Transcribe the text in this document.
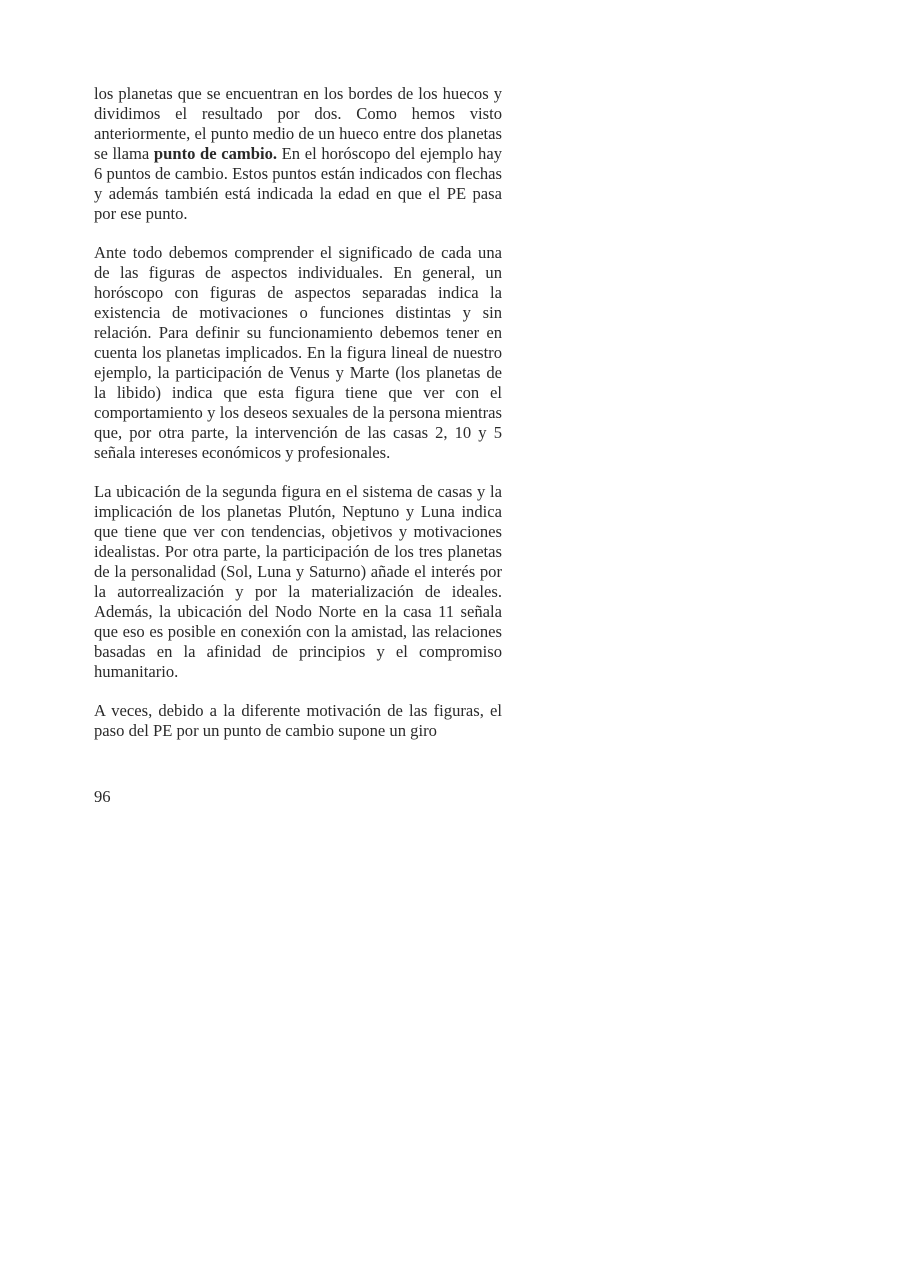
los planetas que se encuentran en los bordes de los huecos y dividimos el resultado por dos. Como hemos visto anteriormente, el punto medio de un hueco entre dos planetas se llama punto de cambio. En el horóscopo del ejemplo hay 6 puntos de cambio. Estos puntos están indicados con flechas y además también está indicada la edad en que el PE pasa por ese punto.

Ante todo debemos comprender el significado de cada una de las figuras de aspectos individuales. En general, un horóscopo con figuras de aspectos separadas indica la existencia de motivaciones o funciones distintas y sin relación. Para definir su funcionamiento debemos tener en cuenta los planetas implicados. En la figura lineal de nuestro ejemplo, la participación de Venus y Marte (los planetas de la libido) indica que esta figura tiene que ver con el comportamiento y los deseos sexuales de la persona mientras que, por otra parte, la intervención de las casas 2, 10 y 5 señala intereses económicos y profesionales.

La ubicación de la segunda figura en el sistema de casas y la implicación de los planetas Plutón, Neptuno y Luna indica que tiene que ver con tendencias, objetivos y motivaciones idealistas. Por otra parte, la participación de los tres planetas de la personalidad (Sol, Luna y Saturno) añade el interés por la autorrealización y por la materialización de ideales. Además, la ubicación del Nodo Norte en la casa 11 señala que eso es posible en conexión con la amistad, las relaciones basadas en la afinidad de principios y el compromiso humanitario.

A veces, debido a la diferente motivación de las figuras, el paso del PE por un punto de cambio supone un giro

96
